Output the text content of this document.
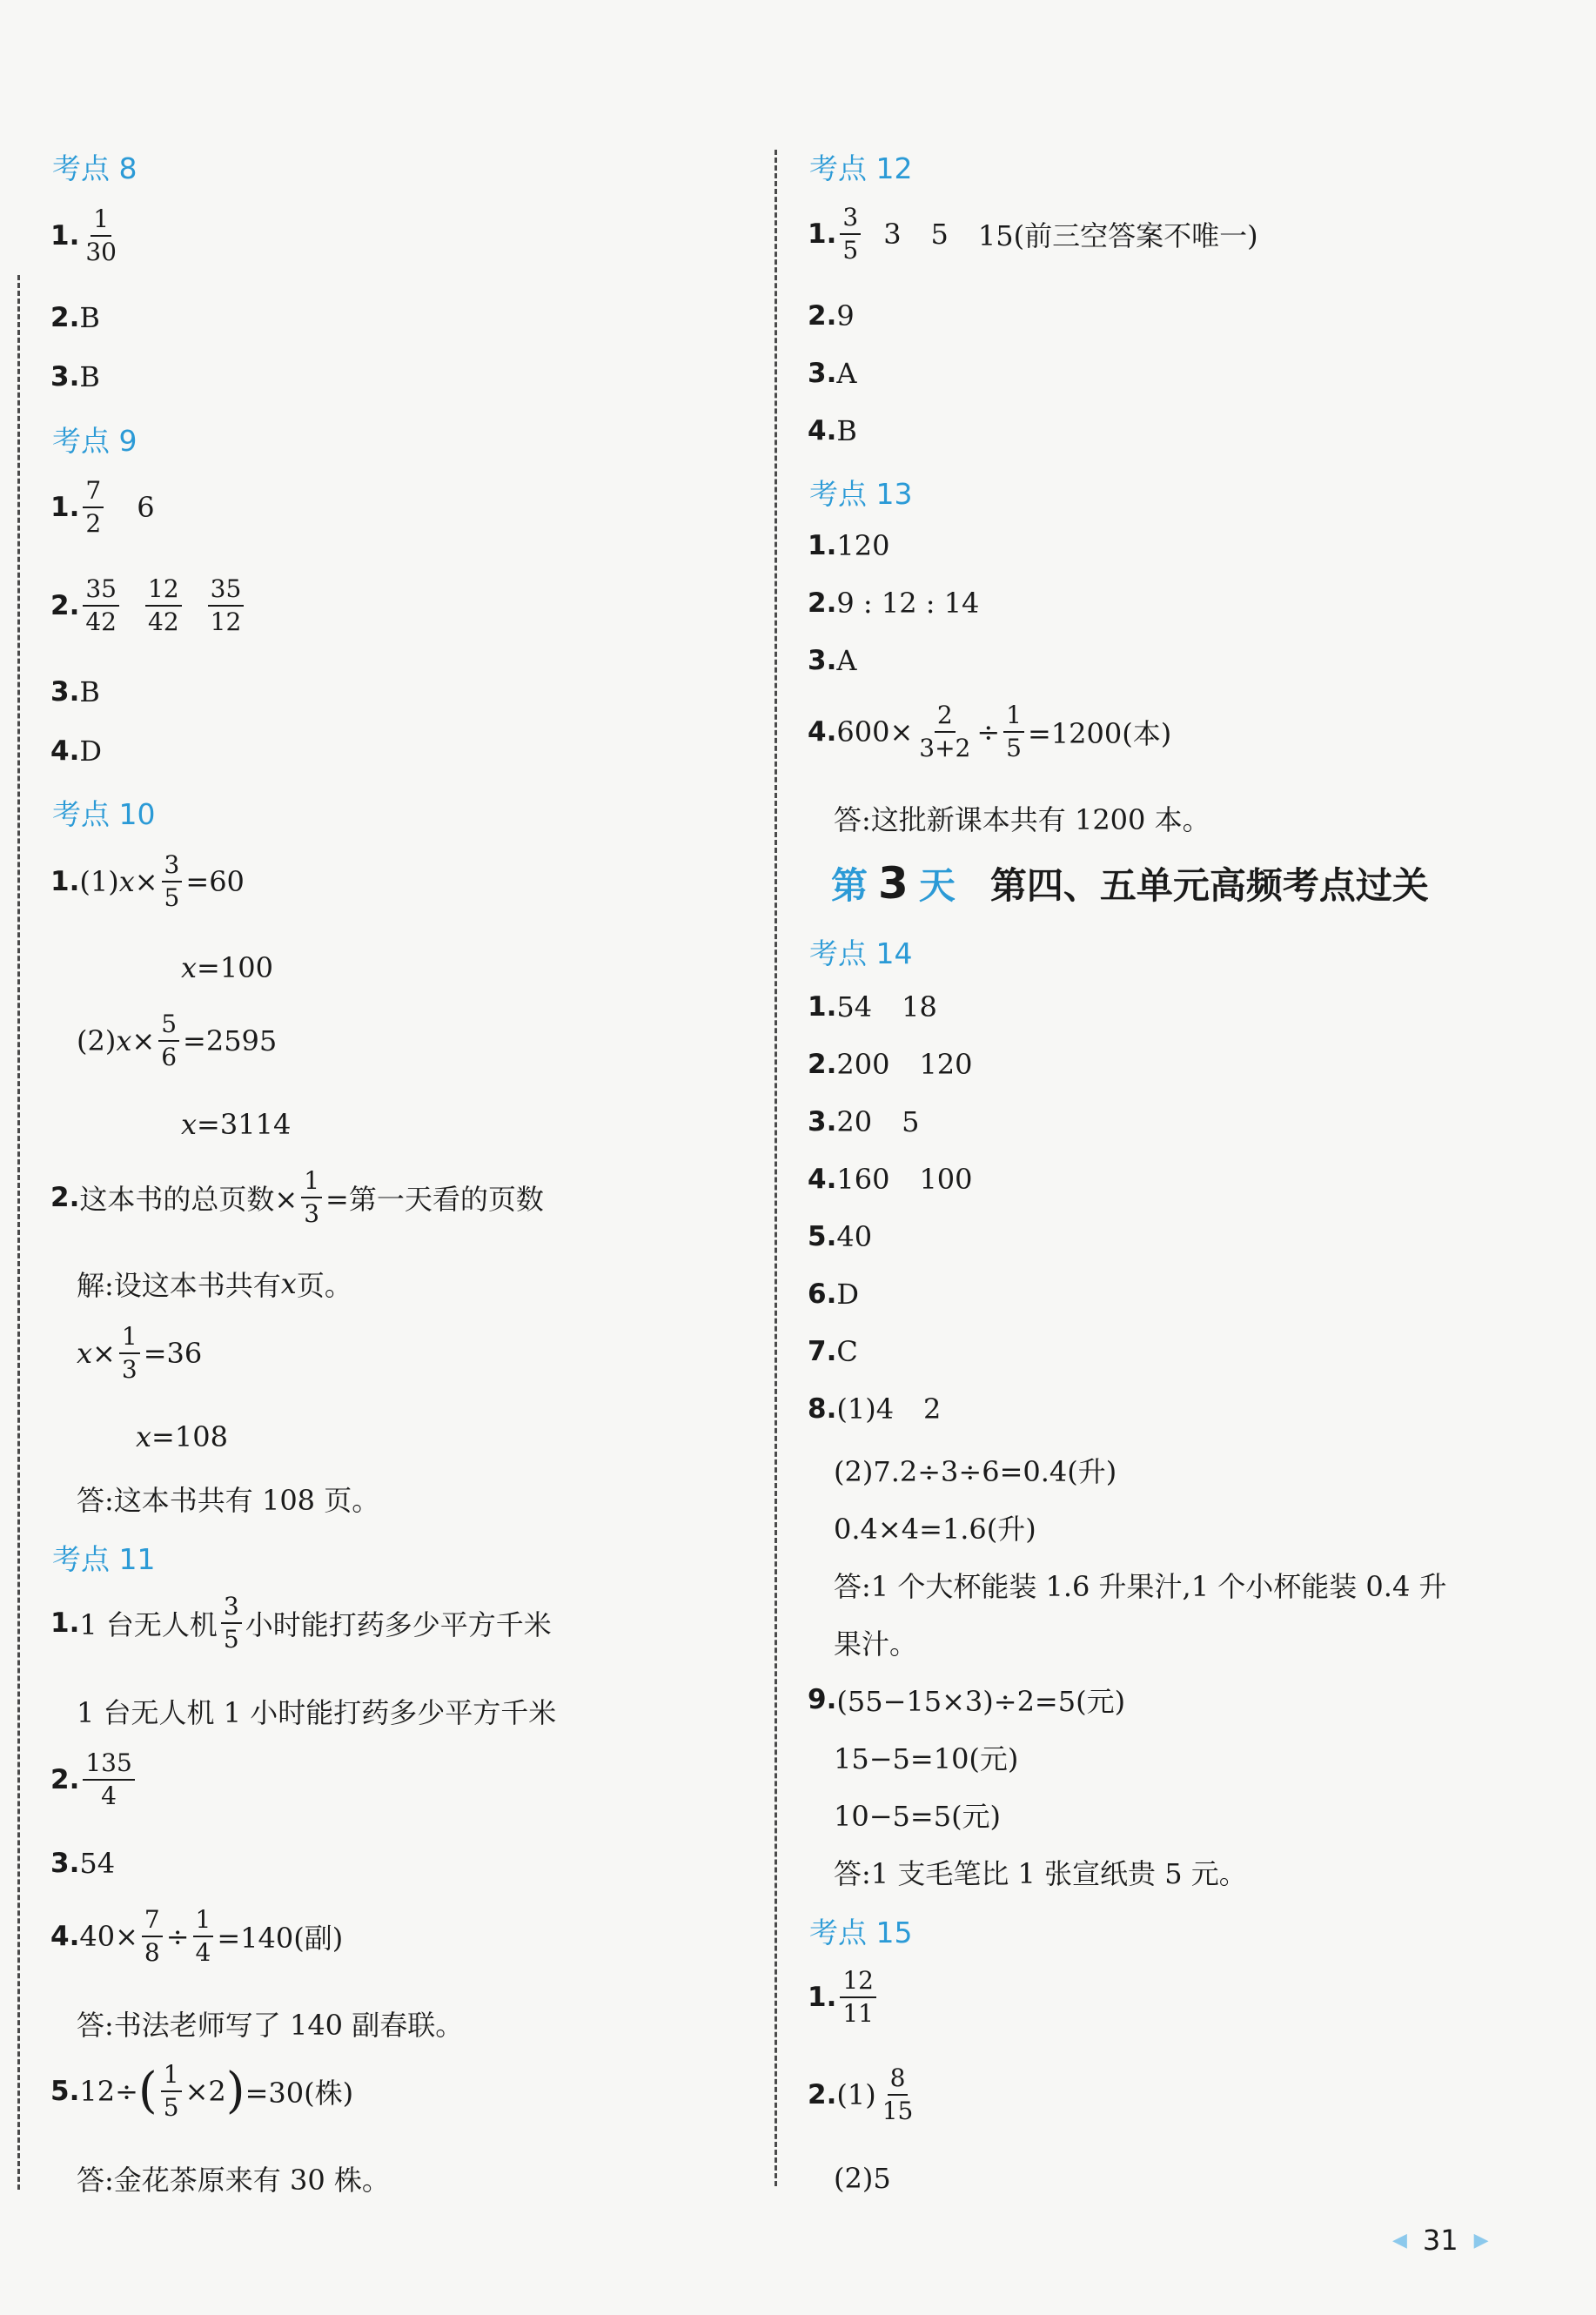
考点 8
1. $\frac{1}{30}$
2. B
3. B
考点 9
1. $\frac{7}{2} 6$
2. $\frac{35}{42} \frac{12}{42} \frac{35}{12}$
3. B
4. D
考点 10
1. (1) $x \times \frac{3}{5} =60$
x =100
(2) $x \times \frac{5}{6} =2595$
x =3114
2. 这本书的总页数× $\frac{1}{3}$ =第一天看的页数
解:设这本书共有 x 页。
$x \times \frac{1}{3} =36$
x =108
答:这本书共有 108 页。
考点 11
1. 1 台无人机 $\frac{3}{5}$ 小时能打药多少平方千米
1 台无人机 1 小时能打药多少平方千米
2. $\frac{135}{4}$
3. 54
4. $40\times \frac{7}{8} \div \frac{1}{4} =140$(副)
答:书法老师写了 140 副春联。
5. 12÷ ( $\frac{1}{5} \times 2$ ) =30(株)
答:金花茶原来有 30 株。
考点 12
1. $\frac{3}{5} 3$ 5 15(前三空答案不唯一)
2. 9
3. A
4. B
考点 13
1. 120
2. 9 : 12 : 14
3. A
4. $600\times \frac{2}{3+2} \div \frac{1}{5} =1200$(本)
答:这批新课本共有 1200 本。
第 3 天 第四、五单元高频考点过关
考点 14
1. 54 18
2. 200 120
3. 20 5
4. 160 100
5. 40
6. D
7. C
8. (1)4 2
(2)7.2÷3÷6=0.4(升)
0.4×4=1.6(升)
答:1 个大杯能装 1.6 升果汁,1 个小杯能装 0.4 升
果汁。
9. (55−15×3)÷2=5(元)
15−5=10(元)
10−5=5(元)
答:1 支毛笔比 1 张宣纸贵 5 元。
考点 15
1. $\frac{12}{11}$
2. $(1) \frac{8}{15}$
(2)5
◀ 31 ▶
